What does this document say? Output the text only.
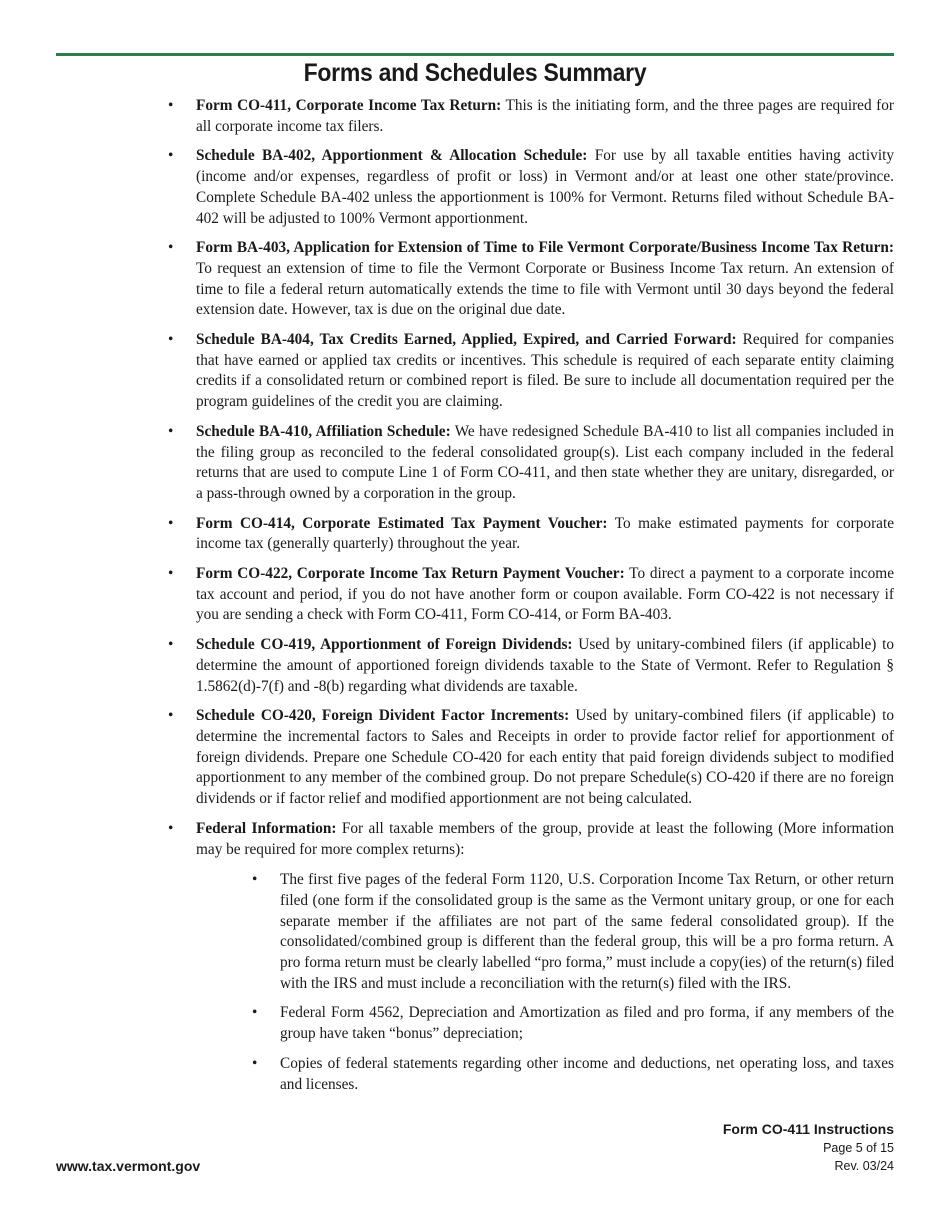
Forms and Schedules Summary
• Form CO-411, Corporate Income Tax Return: This is the initiating form, and the three pages are required for all corporate income tax filers.
• Schedule BA-402, Apportionment & Allocation Schedule: For use by all taxable entities having activity (income and/or expenses, regardless of profit or loss) in Vermont and/or at least one other state/province. Complete Schedule BA-402 unless the apportionment is 100% for Vermont. Returns filed without Schedule BA-402 will be adjusted to 100% Vermont apportionment.
• Form BA-403, Application for Extension of Time to File Vermont Corporate/Business Income Tax Return: To request an extension of time to file the Vermont Corporate or Business Income Tax return. An extension of time to file a federal return automatically extends the time to file with Vermont until 30 days beyond the federal extension date. However, tax is due on the original due date.
• Schedule BA-404, Tax Credits Earned, Applied, Expired, and Carried Forward: Required for companies that have earned or applied tax credits or incentives. This schedule is required of each separate entity claiming credits if a consolidated return or combined report is filed. Be sure to include all documentation required per the program guidelines of the credit you are claiming.
• Schedule BA-410, Affiliation Schedule: We have redesigned Schedule BA-410 to list all companies included in the filing group as reconciled to the federal consolidated group(s). List each company included in the federal returns that are used to compute Line 1 of Form CO-411, and then state whether they are unitary, disregarded, or a pass-through owned by a corporation in the group.
• Form CO-414, Corporate Estimated Tax Payment Voucher: To make estimated payments for corporate income tax (generally quarterly) throughout the year.
• Form CO-422, Corporate Income Tax Return Payment Voucher: To direct a payment to a corporate income tax account and period, if you do not have another form or coupon available. Form CO-422 is not necessary if you are sending a check with Form CO-411, Form CO-414, or Form BA-403.
• Schedule CO-419, Apportionment of Foreign Dividends: Used by unitary-combined filers (if applicable) to determine the amount of apportioned foreign dividends taxable to the State of Vermont. Refer to Regulation § 1.5862(d)-7(f) and -8(b) regarding what dividends are taxable.
• Schedule CO-420, Foreign Divident Factor Increments: Used by unitary-combined filers (if applicable) to determine the incremental factors to Sales and Receipts in order to provide factor relief for apportionment of foreign dividends. Prepare one Schedule CO-420 for each entity that paid foreign dividends subject to modified apportionment to any member of the combined group. Do not prepare Schedule(s) CO-420 if there are no foreign dividends or if factor relief and modified apportionment are not being calculated.
• Federal Information: For all taxable members of the group, provide at least the following (More information may be required for more complex returns):
• The first five pages of the federal Form 1120, U.S. Corporation Income Tax Return, or other return filed (one form if the consolidated group is the same as the Vermont unitary group, or one for each separate member if the affiliates are not part of the same federal consolidated group). If the consolidated/combined group is different than the federal group, this will be a pro forma return. A pro forma return must be clearly labelled “pro forma,” must include a copy(ies) of the return(s) filed with the IRS and must include a reconciliation with the return(s) filed with the IRS.
• Federal Form 4562, Depreciation and Amortization as filed and pro forma, if any members of the group have taken “bonus” depreciation;
• Copies of federal statements regarding other income and deductions, net operating loss, and taxes and licenses.
Form CO-411 Instructions
Page 5 of 15
Rev. 03/24
www.tax.vermont.gov
